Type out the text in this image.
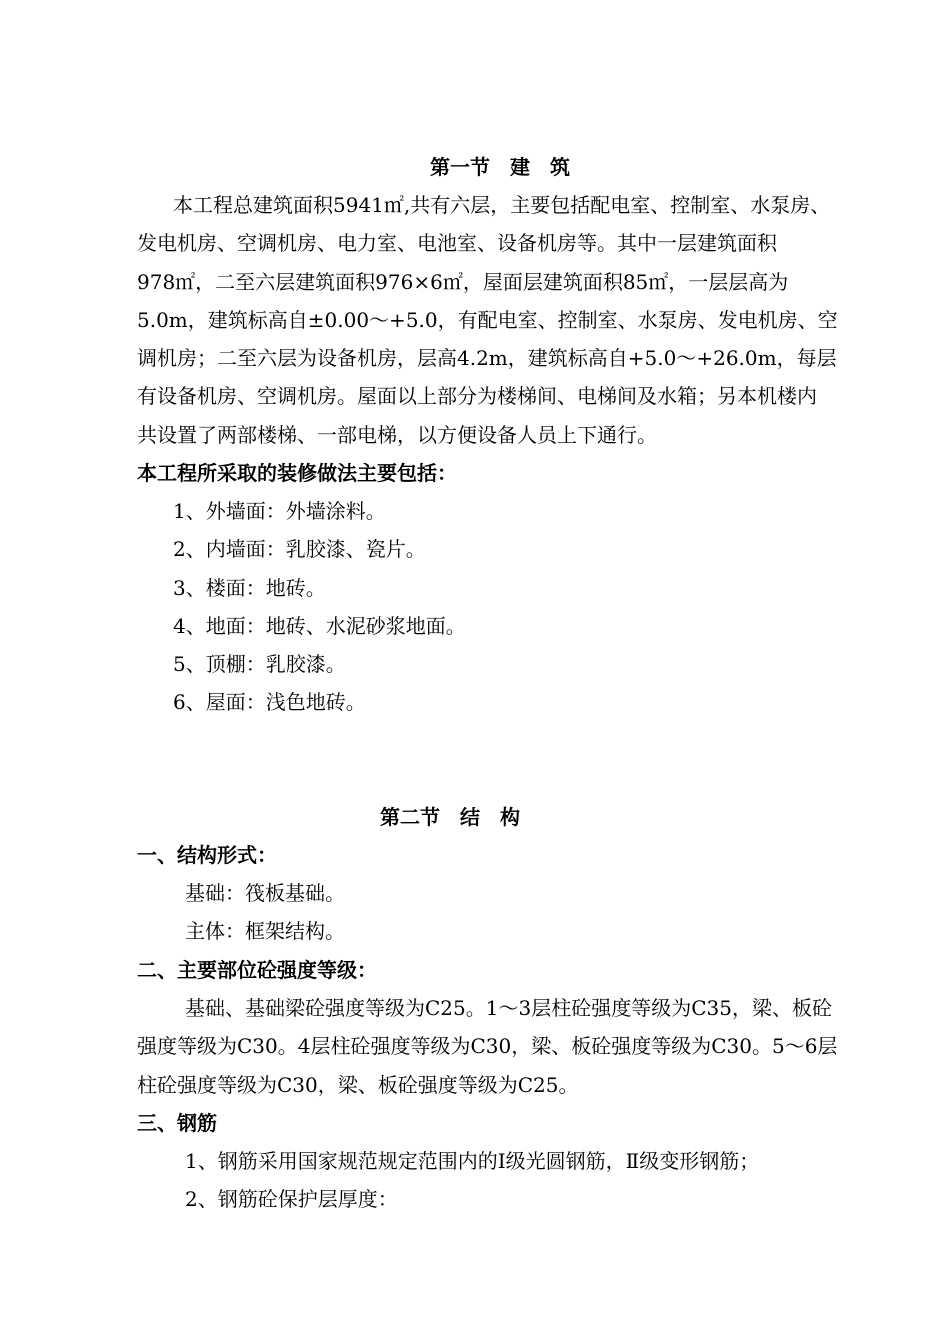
第一节　建　筑
本工程总建筑面积5941㎡,共有六层，主要包括配电室、控制室、水泵房、
发电机房、空调机房、电力室、电池室、设备机房等。其中一层建筑面积
978㎡，二至六层建筑面积976×6㎡，屋面层建筑面积85㎡，一层层高为
5.0m，建筑标高自±0.00～+5.0，有配电室、控制室、水泵房、发电机房、空
调机房；二至六层为设备机房，层高4.2m，建筑标高自+5.0～+26.0m，每层
有设备机房、空调机房。屋面以上部分为楼梯间、电梯间及水箱；另本机楼内
共设置了两部楼梯、一部电梯，以方便设备人员上下通行。
本工程所采取的装修做法主要包括：
1、外墙面：外墙涂料。
2、内墙面：乳胶漆、瓷片。
3、楼面：地砖。
4、地面：地砖、水泥砂浆地面。
5、顶棚：乳胶漆。
6、屋面：浅色地砖。
第二节　结　构
一、结构形式：
基础：筏板基础。
主体：框架结构。
二、主要部位砼强度等级：
基础、基础梁砼强度等级为C25。1～3层柱砼强度等级为C35，梁、板砼
强度等级为C30。4层柱砼强度等级为C30，梁、板砼强度等级为C30。5～6层
柱砼强度等级为C30，梁、板砼强度等级为C25。
三、钢筋
1、钢筋采用国家规范规定范围内的Ⅰ级光圆钢筋，Ⅱ级变形钢筋；
2、钢筋砼保护层厚度：
